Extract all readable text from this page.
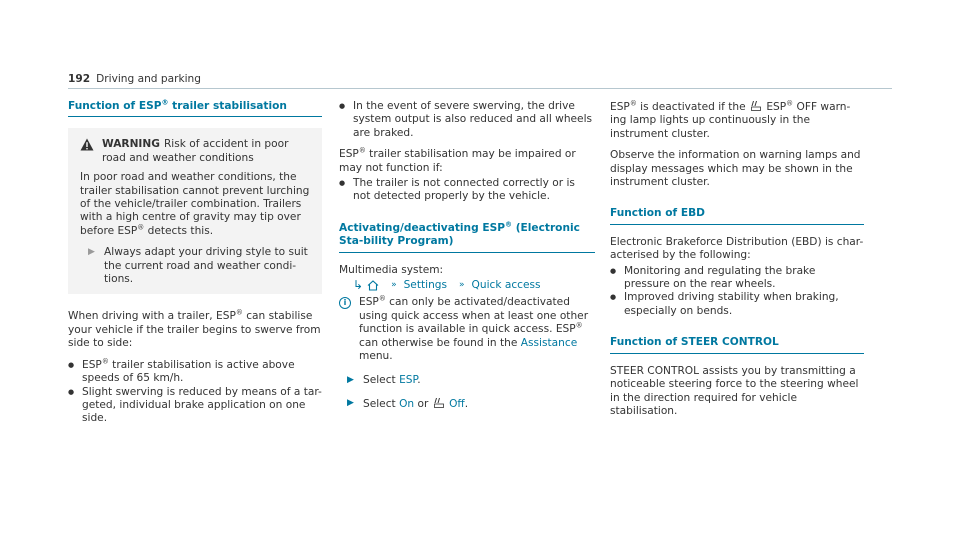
192 Driving and parking
Function of ESP® trailer stabilisation
WARNING Risk of accident in poor road and weather conditions
In poor road and weather conditions, the trailer stabilisation cannot prevent lurching of the vehicle/trailer combination. Trailers with a high centre of gravity may tip over before ESP® detects this.
▶ Always adapt your driving style to suit the current road and weather condi-tions.

When driving with a trailer, ESP® can stabilise your vehicle if the trailer begins to swerve from side to side:

● ESP® trailer stabilisation is active above speeds of 65 km/h.
● Slight swerving is reduced by means of a tar-geted, individual brake application on one side.
● In the event of severe swerving, the drive system output is also reduced and all wheels are braked.

ESP® trailer stabilisation may be impaired or may not function if:

● The trailer is not connected correctly or is not detected properly by the vehicle.
Activating/deactivating ESP® (Electronic Sta-bility Program)

Multimedia system:

↳	» Settings » Quick access
i	ESP® can only be activated/deactivated using quick access when at least one other function is available in quick access. ESP® can otherwise be found in the Assistance menu.
▶ Select ESP.
▶ Select On or  Off.

ESP® is deactivated if the  ESP® OFF warn-ing lamp lights up continuously in the instrument cluster.

Observe the information on warning lamps and display messages which may be shown in the instrument cluster.

Function of EBD

Electronic Brakeforce Distribution (EBD) is char-acterised by the following:

● Monitoring and regulating the brake pressure on the rear wheels.
● Improved driving stability when braking, especially on bends.
Function of STEER CONTROL

STEER CONTROL assists you by transmitting a noticeable steering force to the steering wheel in the direction required for vehicle stabilisation.
